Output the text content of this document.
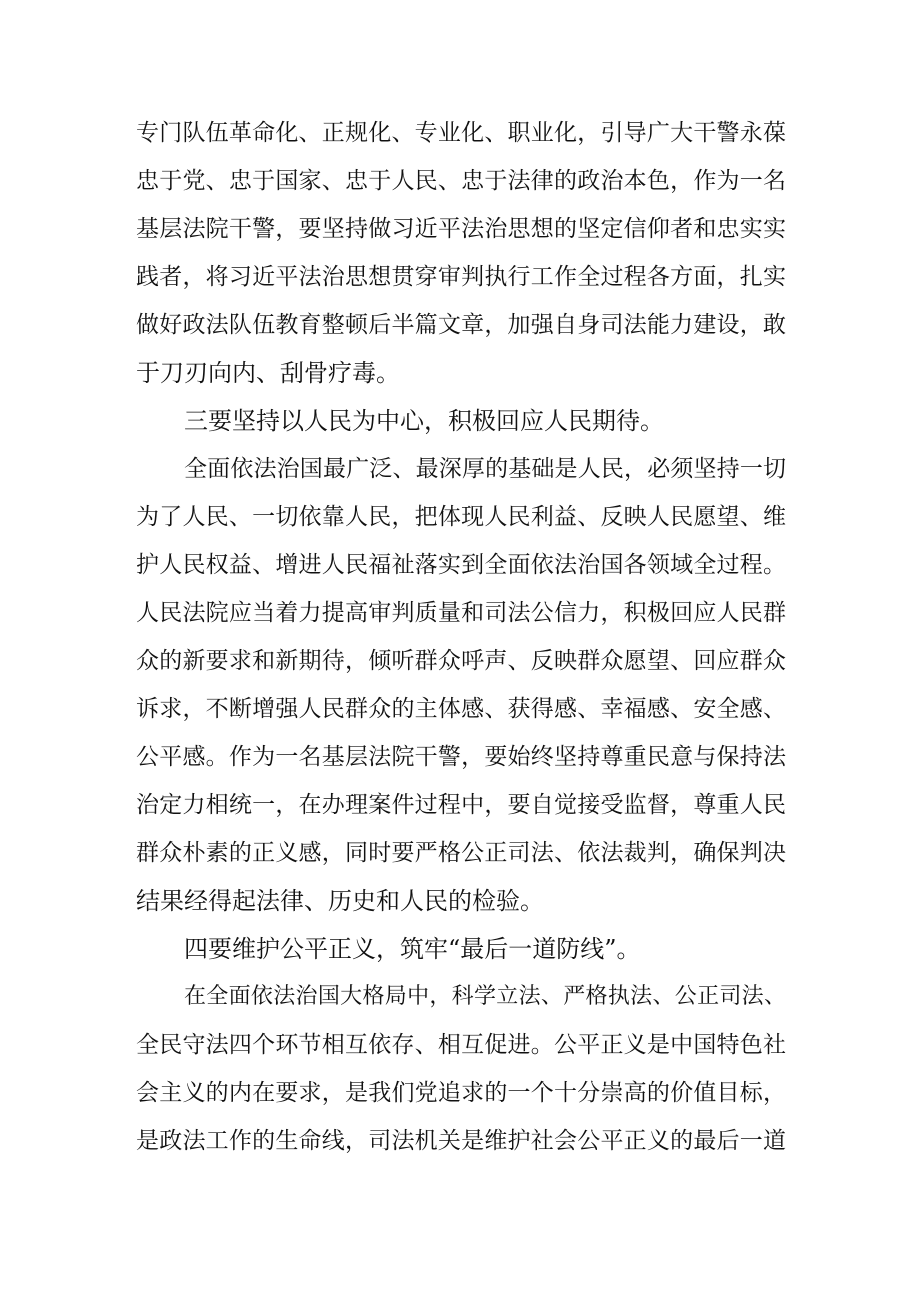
专门队伍革命化、正规化、专业化、职业化，引导广大干警永葆
忠于党、忠于国家、忠于人民、忠于法律的政治本色，作为一名
基层法院干警，要坚持做习近平法治思想的坚定信仰者和忠实实
践者，将习近平法治思想贯穿审判执行工作全过程各方面，扎实
做好政法队伍教育整顿后半篇文章，加强自身司法能力建设，敢
于刀刃向内、刮骨疗毒。
三要坚持以人民为中心，积极回应人民期待。
全面依法治国最广泛、最深厚的基础是人民，必须坚持一切
为了人民、一切依靠人民，把体现人民利益、反映人民愿望、维
护人民权益、增进人民福祉落实到全面依法治国各领域全过程。
人民法院应当着力提高审判质量和司法公信力，积极回应人民群
众的新要求和新期待，倾听群众呼声、反映群众愿望、回应群众
诉求，不断增强人民群众的主体感、获得感、幸福感、安全感、
公平感。作为一名基层法院干警，要始终坚持尊重民意与保持法
治定力相统一，在办理案件过程中，要自觉接受监督，尊重人民
群众朴素的正义感，同时要严格公正司法、依法裁判，确保判决
结果经得起法律、历史和人民的检验。
四要维护公平正义，筑牢“最后一道防线”。
在全面依法治国大格局中，科学立法、严格执法、公正司法、
全民守法四个环节相互依存、相互促进。公平正义是中国特色社
会主义的内在要求，是我们党追求的一个十分崇高的价值目标，
是政法工作的生命线，司法机关是维护社会公平正义的最后一道
